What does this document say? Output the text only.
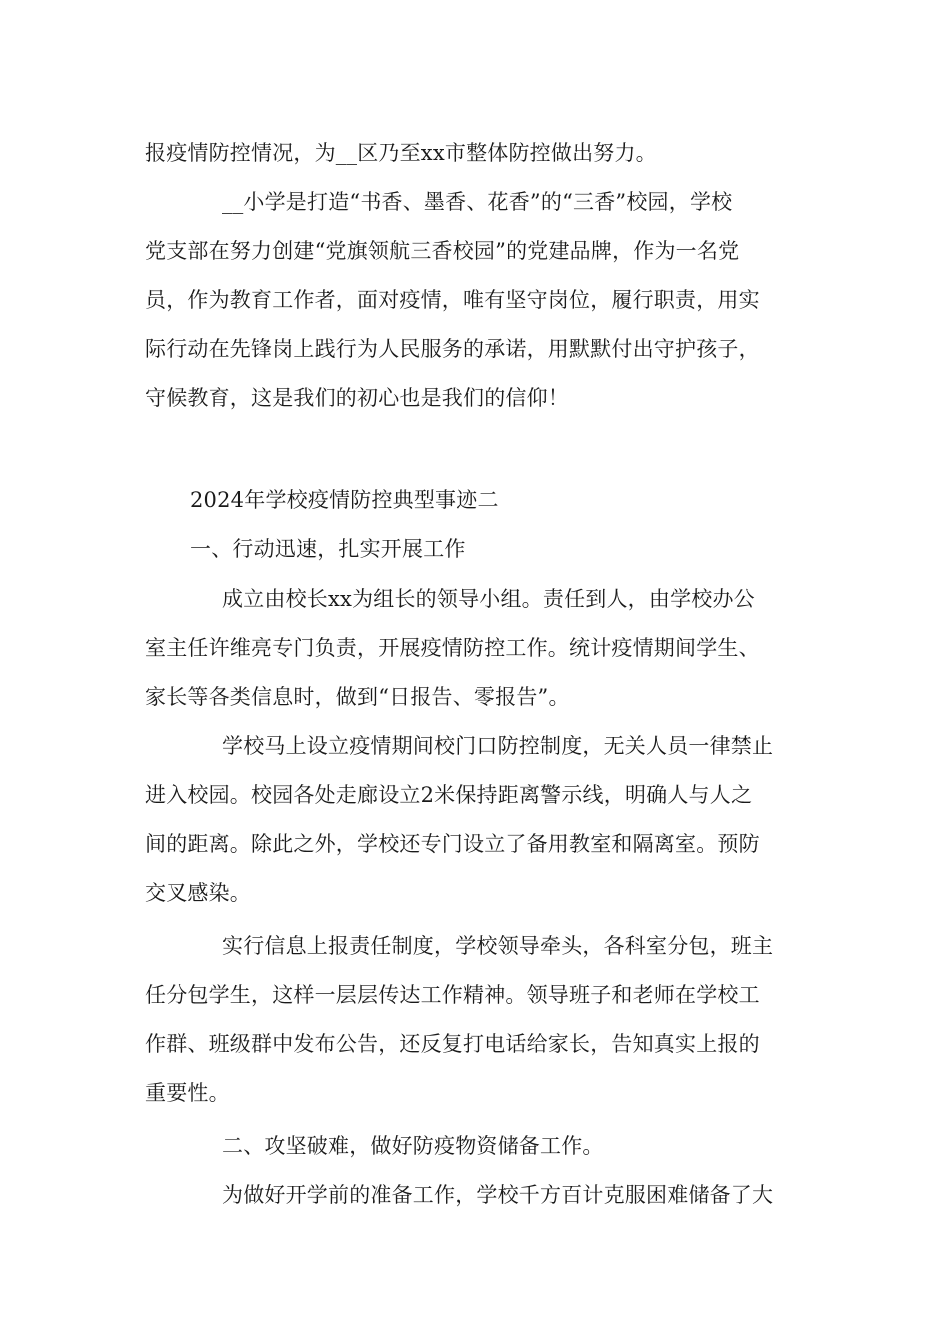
报疫情防控情况，为__区乃至xx市整体防控做出努力。
__小学是打造“书香、墨香、花香”的“三香”校园，学校
党支部在努力创建“党旗领航三香校园”的党建品牌，作为一名党
员，作为教育工作者，面对疫情，唯有坚守岗位，履行职责，用实
际行动在先锋岗上践行为人民服务的承诺，用默默付出守护孩子，
守候教育，这是我们的初心也是我们的信仰！
2024年学校疫情防控典型事迹二
一、行动迅速，扎实开展工作
成立由校长xx为组长的领导小组。责任到人，由学校办公
室主任许维亮专门负责，开展疫情防控工作。统计疫情期间学生、
家长等各类信息时，做到“日报告、零报告”。
学校马上设立疫情期间校门口防控制度，无关人员一律禁止
进入校园。校园各处走廊设立2米保持距离警示线，明确人与人之
间的距离。除此之外，学校还专门设立了备用教室和隔离室。预防
交叉感染。
实行信息上报责任制度，学校领导牵头，各科室分包，班主
任分包学生，这样一层层传达工作精神。领导班子和老师在学校工
作群、班级群中发布公告，还反复打电话给家长，告知真实上报的
重要性。
二、攻坚破难，做好防疫物资储备工作。
为做好开学前的准备工作，学校千方百计克服困难储备了大
